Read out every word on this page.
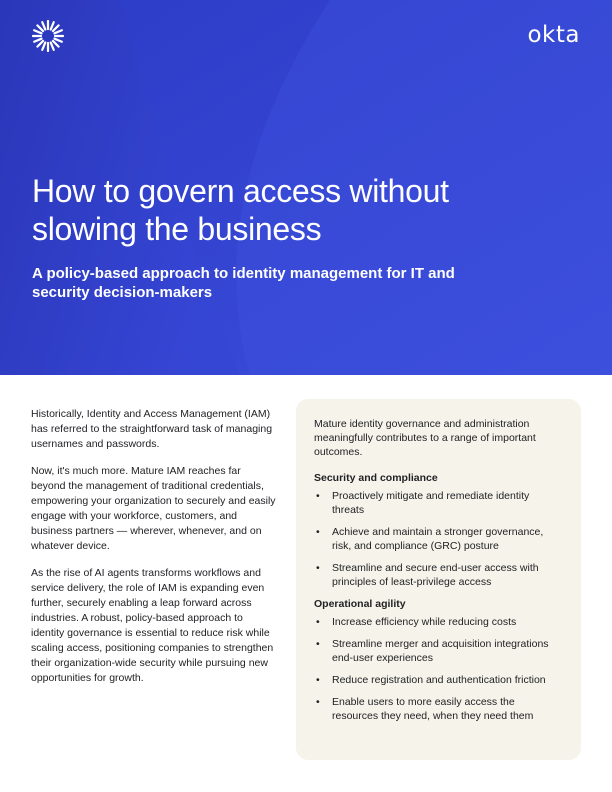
okta
How to govern access without slowing the business
A policy-based approach to identity management for IT and security decision-makers

Historically, Identity and Access Management (IAM) has referred to the straightforward task of managing usernames and passwords.

Now, it's much more. Mature IAM reaches far beyond the management of traditional credentials, empowering your organization to securely and easily engage with your workforce, customers, and business partners — wherever, whenever, and on whatever device.

As the rise of AI agents transforms workflows and service delivery, the role of IAM is expanding even further, securely enabling a leap forward across industries. A robust, policy-based approach to identity governance is essential to reduce risk while scaling access, positioning companies to strengthen their organization-wide security while pursuing new opportunities for growth.

Mature identity governance and administration meaningfully contributes to a range of important outcomes.

Security and compliance
• Proactively mitigate and remediate identity threats
• Achieve and maintain a stronger governance, risk, and compliance (GRC) posture
• Streamline and secure end-user access with principles of least-privilege access
Operational agility
• Increase efficiency while reducing costs
• Streamline merger and acquisition integrations end-user experiences
• Reduce registration and authentication friction
• Enable users to more easily access the resources they need, when they need them
